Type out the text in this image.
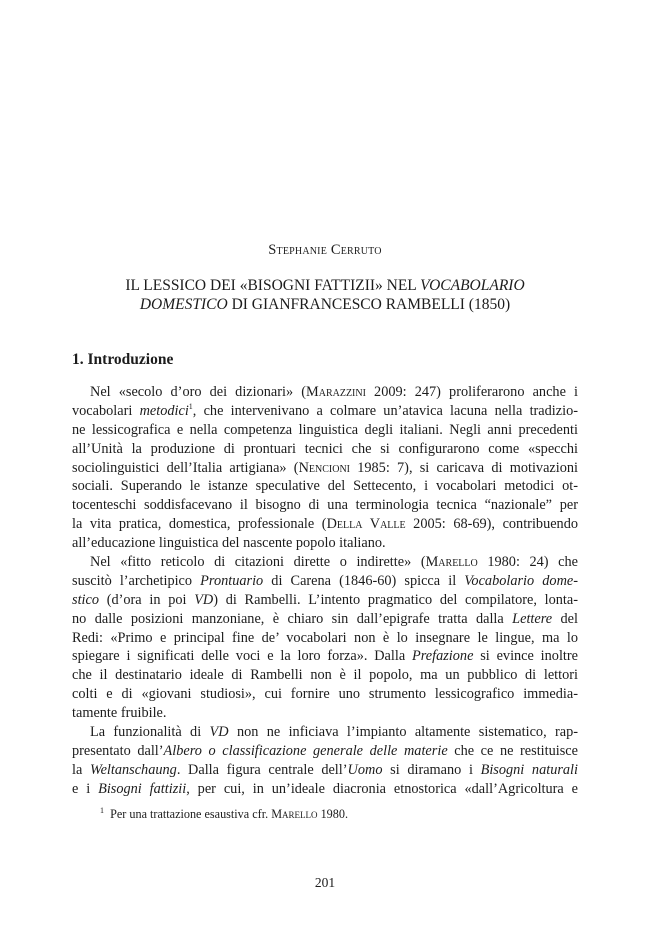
Stephanie Cerruto
IL LESSICO DEI «BISOGNI FATTIZII» NEL VOCABOLARIO
DOMESTICO DI GIANFRANCESCO RAMBELLI (1850)
1. Introduzione
Nel «secolo d’oro dei dizionari» (Marazzini 2009: 247) proliferarono anche i
vocabolari metodici$^1$, che intervenivano a colmare un’atavica lacuna nella tradizio-
ne lessicografica e nella competenza linguistica degli italiani. Negli anni precedenti
all’Unità la produzione di prontuari tecnici che si configurarono come «specchi
sociolinguistici dell’Italia artigiana» (Nencioni 1985: 7), si caricava di motivazioni
sociali. Superando le istanze speculative del Settecento, i vocabolari metodici ot-
tocenteschi soddisfacevano il bisogno di una terminologia tecnica “nazionale” per
la vita pratica, domestica, professionale (Della Valle 2005: 68-69), contribuendo
all’educazione linguistica del nascente popolo italiano.
Nel «fitto reticolo di citazioni dirette o indirette» (Marello 1980: 24) che
suscitò l’archetipico Prontuario di Carena (1846-60) spicca il Vocabolario dome-
stico (d’ora in poi VD) di Rambelli. L’intento pragmatico del compilatore, lonta-
no dalle posizioni manzoniane, è chiaro sin dall’epigrafe tratta dalla Lettere del
Redi: «Primo e principal fine de’ vocabolari non è lo insegnare le lingue, ma lo
spiegare i significati delle voci e la loro forza». Dalla Prefazione si evince inoltre
che il destinatario ideale di Rambelli non è il popolo, ma un pubblico di lettori
colti e di «giovani studiosi», cui fornire uno strumento lessicografico immedia-
tamente fruibile.
La funzionalità di VD non ne inficiava l’impianto altamente sistematico, rap-
presentato dall’Albero o classificazione generale delle materie che ce ne restituisce
la Weltanschaung. Dalla figura centrale dell’Uomo si diramano i Bisogni naturali
e i Bisogni fattizii, per cui, in un’ideale diacronia etnostorica «dall’Agricoltura e
$^1$ Per una trattazione esaustiva cfr. Marello 1980.
201
